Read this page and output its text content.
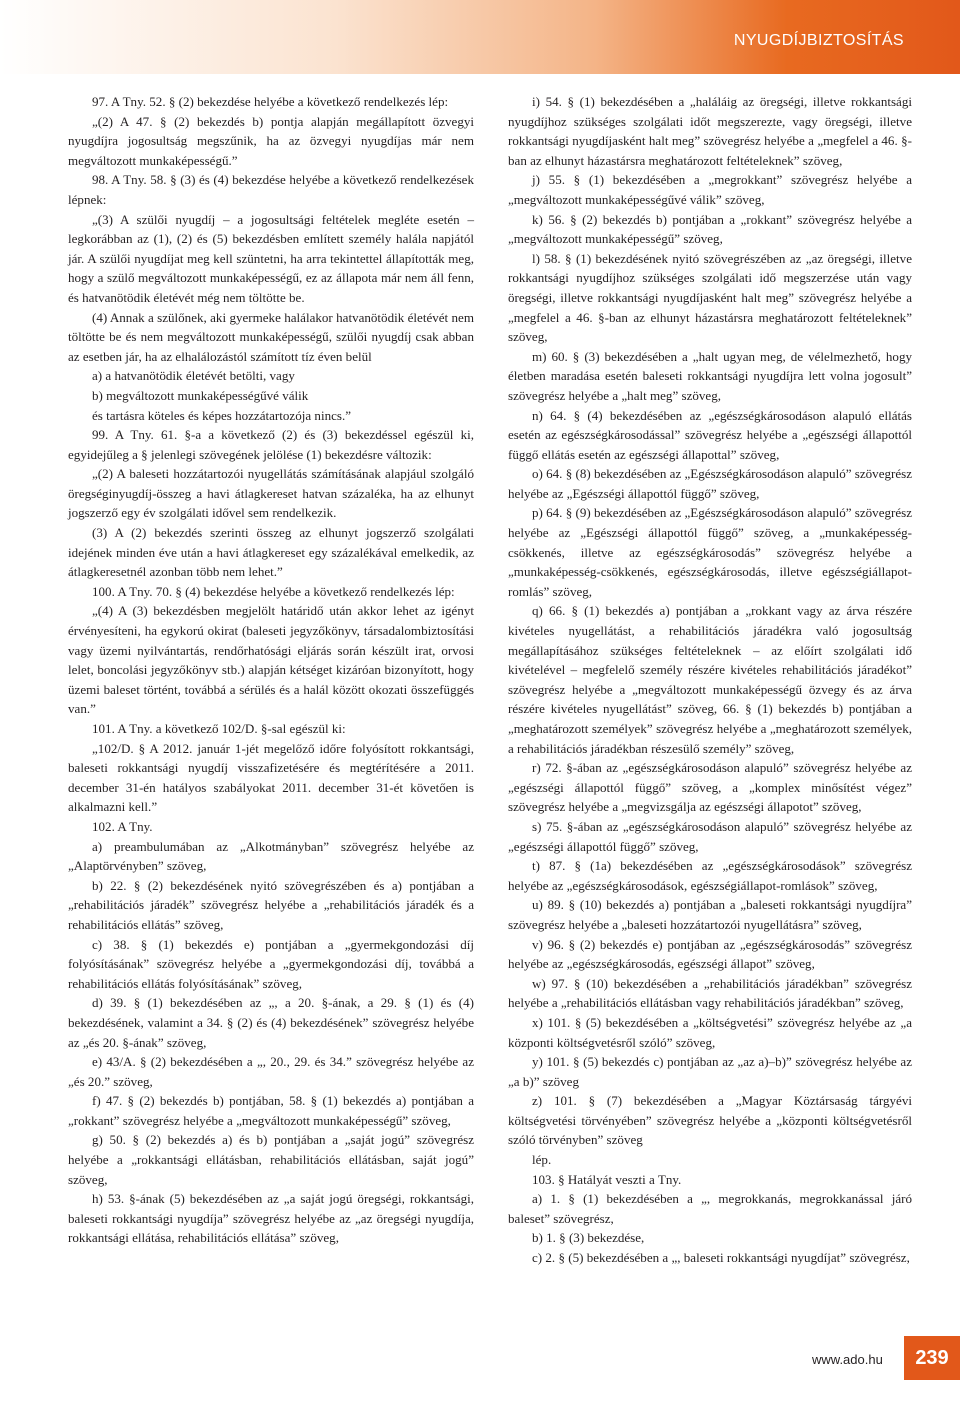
NYUGDÍJBIZTOSÍTÁS

97. A Tny. 52. § (2) bekezdése helyébe a következő rendelkezés lép:

„(2) A 47. § (2) bekezdés b) pontja alapján megállapított özvegyi nyugdíjra jogosultság megszűnik, ha az özvegyi nyugdíjas már nem megváltozott munkaképességű.”

98. A Tny. 58. § (3) és (4) bekezdése helyébe a következő rendelkezések lépnek:

„(3) A szülői nyugdíj – a jogosultsági feltételek megléte esetén – legkorábban az (1), (2) és (5) bekezdésben említett személy halála napjától jár. A szülői nyugdíjat meg kell szüntetni, ha arra tekintettel állapították meg, hogy a szülő megváltozott munkaképességű, ez az állapota már nem áll fenn, és hatvanötödik életévét még nem töltötte be.

(4) Annak a szülőnek, aki gyermeke halálakor hatvanötödik életévét nem töltötte be és nem megváltozott munkaképességű, szülői nyugdíj csak abban az esetben jár, ha az elhalálozástól számított tíz éven belül

a) a hatvanötödik életévét betölti, vagy

b) megváltozott munkaképességűvé válik

és tartásra köteles és képes hozzátartozója nincs.”

99. A Tny. 61. §-a a következő (2) és (3) bekezdéssel egészül ki, egyidejűleg a § jelenlegi szövegének jelölése (1) bekezdésre változik:

„(2) A baleseti hozzátartozói nyugellátás számításának alapjául szolgáló öregséginyugdíj-összeg a havi átlagkereset hatvan százaléka, ha az elhunyt jogszerző egy év szolgálati idővel sem rendelkezik.

(3) A (2) bekezdés szerinti összeg az elhunyt jogszerző szolgálati idejének minden éve után a havi átlagkereset egy százalékával emelkedik, az átlagkeresetnél azonban több nem lehet.”

100. A Tny. 70. § (4) bekezdése helyébe a következő rendelkezés lép:

„(4) A (3) bekezdésben megjelölt határidő után akkor lehet az igényt érvényesíteni, ha egykorú okirat (baleseti jegyzőkönyv, társadalombiztosítási vagy üzemi nyilvántartás, rendőrhatósági eljárás során készült irat, orvosi lelet, boncolási jegyzőkönyv stb.) alapján kétséget kizáróan bizonyított, hogy üzemi baleset történt, továbbá a sérülés és a halál között okozati összefüggés van.”

101. A Tny. a következő 102/D. §-sal egészül ki:

„102/D. § A 2012. január 1-jét megelőző időre folyósított rokkantsági, baleseti rokkantsági nyugdíj visszafizetésére és megtérítésére a 2011. december 31-én hatályos szabályokat 2011. december 31-ét követően is alkalmazni kell.”

102. A Tny.

a) preambulumában az „Alkotmányban” szövegrész helyébe az „Alaptörvényben” szöveg,

b) 22. § (2) bekezdésének nyitó szövegrészében és a) pontjában a „rehabilitációs járadék” szövegrész helyébe a „rehabilitációs járadék és a rehabilitációs ellátás” szöveg,

c) 38. § (1) bekezdés e) pontjában a „gyermekgondozási díj folyósításának” szövegrész helyébe a „gyermekgondozási díj, továbbá a rehabilitációs ellátás folyósításának” szöveg,

d) 39. § (1) bekezdésében az „, a 20. §-ának, a 29. § (1) és (4) bekezdésének, valamint a 34. § (2) és (4) bekezdésének” szövegrész helyébe az „és 20. §-ának” szöveg,

e) 43/A. § (2) bekezdésében a „, 20., 29. és 34.” szövegrész helyébe az „és 20.” szöveg,

f) 47. § (2) bekezdés b) pontjában, 58. § (1) bekezdés a) pontjában a „rokkant” szövegrész helyébe a „megváltozott munkaképességű” szöveg,

g) 50. § (2) bekezdés a) és b) pontjában a „saját jogú” szövegrész helyébe a „rokkantsági ellátásban, rehabilitációs ellátásban, saját jogú” szöveg,

h) 53. §-ának (5) bekezdésében az „a saját jogú öregségi, rokkantsági, baleseti rokkantsági nyugdíja” szövegrész helyébe az „az öregségi nyugdíja, rokkantsági ellátása, rehabilitációs ellátása” szöveg,

i) 54. § (1) bekezdésében a „haláláig az öregségi, illetve rokkantsági nyugdíjhoz szükséges szolgálati időt megszerezte, vagy öregségi, illetve rokkantsági nyugdíjasként halt meg” szövegrész helyébe a „megfelel a 46. §-ban az elhunyt házastársra meghatározott feltételeknek” szöveg,

j) 55. § (1) bekezdésében a „megrokkant” szövegrész helyébe a „megváltozott munkaképességűvé válik” szöveg,

k) 56. § (2) bekezdés b) pontjában a „rokkant” szövegrész helyébe a „megváltozott munkaképességű” szöveg,

l) 58. § (1) bekezdésének nyitó szövegrészében az „az öregségi, illetve rokkantsági nyugdíjhoz szükséges szolgálati idő megszerzése után vagy öregségi, illetve rokkantsági nyugdíjasként halt meg” szövegrész helyébe a „megfelel a 46. §-ban az elhunyt házastársra meghatározott feltételeknek” szöveg,

m) 60. § (3) bekezdésében a „halt ugyan meg, de vélelmezhető, hogy életben maradása esetén baleseti rokkantsági nyugdíjra lett volna jogosult” szövegrész helyébe a „halt meg” szöveg,

n) 64. § (4) bekezdésében az „egészségkárosodáson alapuló ellátás esetén az egészségkárosodással” szövegrész helyébe a „egészségi állapottól függő ellátás esetén az egészségi állapottal” szöveg,

o) 64. § (8) bekezdésében az „Egészségkárosodáson alapuló” szövegrész helyébe az „Egészségi állapottól függő” szöveg,

p) 64. § (9) bekezdésében az „Egészségkárosodáson alapuló” szövegrész helyébe az „Egészségi állapottól függő” szöveg, a „munkaképesség-csökkenés, illetve az egészségkárosodás” szövegrész helyébe a „munkaképesség-csökkenés, egészségkárosodás, illetve egészségiállapot-romlás” szöveg,

q) 66. § (1) bekezdés a) pontjában a „rokkant vagy az árva részére kivételes nyugellátást, a rehabilitációs járadékra való jogosultság megállapításához szükséges feltételeknek – az előírt szolgálati idő kivételével – megfelelő személy részére kivételes rehabilitációs járadékot” szövegrész helyébe a „megváltozott munkaképességű özvegy és az árva részére kivételes nyugellátást” szöveg, 66. § (1) bekezdés b) pontjában a „meghatározott személyek” szövegrész helyébe a „meghatározott személyek, a rehabilitációs járadékban részesülő személy” szöveg,

r) 72. §-ában az „egészségkárosodáson alapuló” szövegrész helyébe az „egészségi állapottól függő” szöveg, a „komplex minősítést végez” szövegrész helyébe a „megvizsgálja az egészségi állapotot” szöveg,

s) 75. §-ában az „egészségkárosodáson alapuló” szövegrész helyébe az „egészségi állapottól függő” szöveg,

t) 87. § (1a) bekezdésében az „egészségkárosodások” szövegrész helyébe az „egészségkárosodások, egészségiállapot-romlások” szöveg,

u) 89. § (10) bekezdés a) pontjában a „baleseti rokkantsági nyugdíjra” szövegrész helyébe a „baleseti hozzátartozói nyugellátásra” szöveg,

v) 96. § (2) bekezdés e) pontjában az „egészségkárosodás” szövegrész helyébe az „egészségkárosodás, egészségi állapot” szöveg,

w) 97. § (10) bekezdésében a „rehabilitációs járadékban” szövegrész helyébe a „rehabilitációs ellátásban vagy rehabilitációs járadékban” szöveg,

x) 101. § (5) bekezdésében a „költségvetési” szövegrész helyébe az „a központi költségvetésről szóló” szöveg,

y) 101. § (5) bekezdés c) pontjában az „az a)–b)” szövegrész helyébe az „a b)” szöveg

z) 101. § (7) bekezdésében a „Magyar Köztársaság tárgyévi költségvetési törvényében” szövegrész helyébe a „központi költségvetésről szóló törvényben” szöveg

lép.

103. § Hatályát veszti a Tny.

a) 1. § (1) bekezdésében a „, megrokkanás, megrokkanással járó baleset” szövegrész,

b) 1. § (3) bekezdése,

c) 2. § (5) bekezdésében a „, baleseti rokkantsági nyugdíjat” szövegrész,

www.ado.hu	239
